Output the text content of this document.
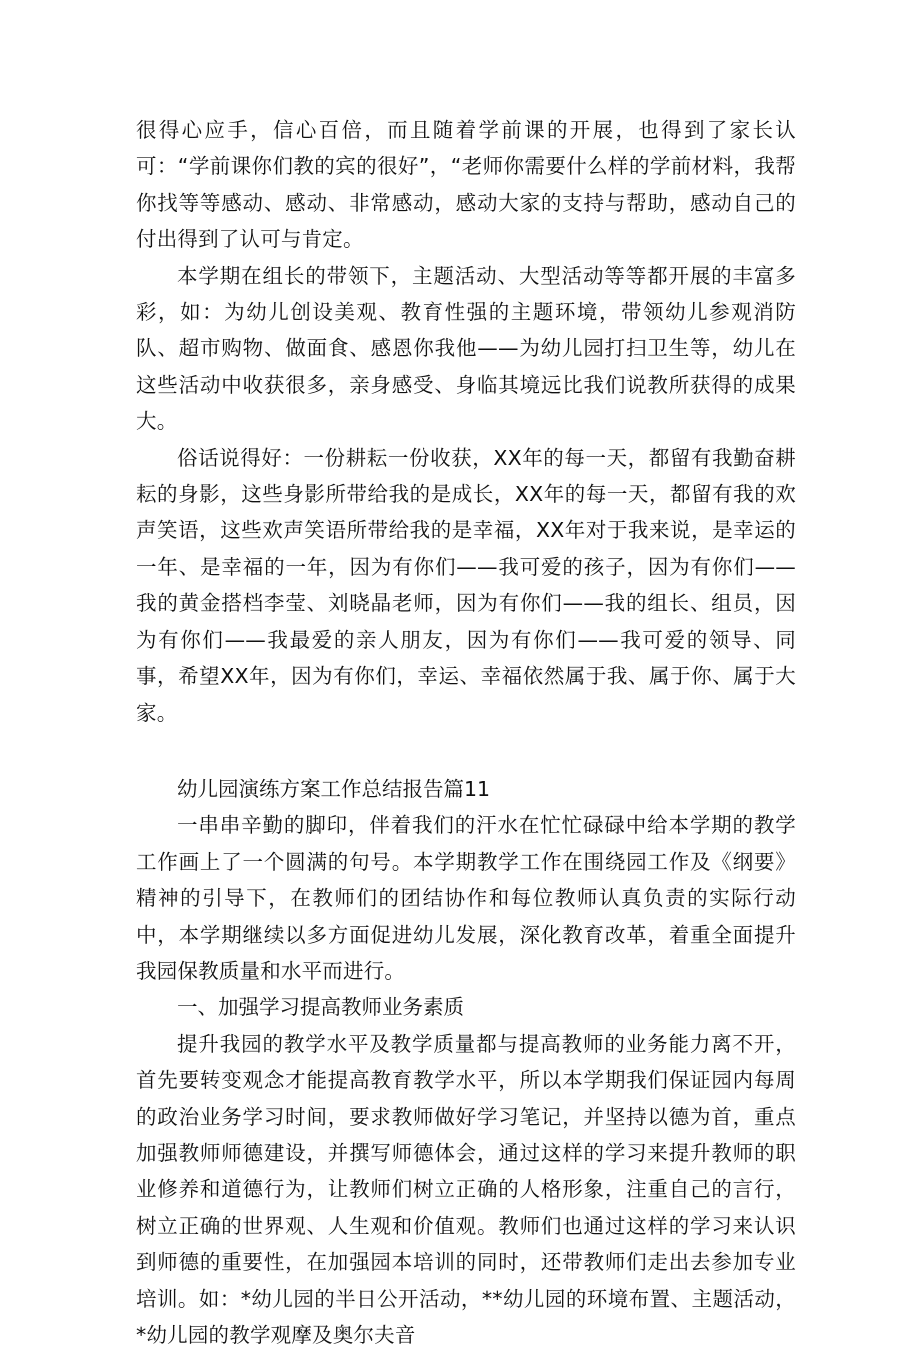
很得心应手，信心百倍，而且随着学前课的开展，也得到了家长认可：“学前课你们教的宾的很好”，“老师你需要什么样的学前材料，我帮你找等等感动、感动、非常感动，感动大家的支持与帮助，感动自己的付出得到了认可与肯定。

本学期在组长的带领下，主题活动、大型活动等等都开展的丰富多彩，如：为幼儿创设美观、教育性强的主题环境，带领幼儿参观消防队、超市购物、做面食、感恩你我他——为幼儿园打扫卫生等，幼儿在这些活动中收获很多，亲身感受、身临其境远比我们说教所获得的成果大。

俗话说得好：一份耕耘一份收获，XX年的每一天，都留有我勤奋耕耘的身影，这些身影所带给我的是成长，XX年的每一天，都留有我的欢声笑语，这些欢声笑语所带给我的是幸福，XX年对于我来说，是幸运的一年、是幸福的一年，因为有你们——我可爱的孩子，因为有你们——我的黄金搭档李莹、刘晓晶老师，因为有你们——我的组长、组员，因为有你们——我最爱的亲人朋友，因为有你们——我可爱的领导、同事，希望XX年，因为有你们，幸运、幸福依然属于我、属于你、属于大家。

幼儿园演练方案工作总结报告篇11

一串串辛勤的脚印，伴着我们的汗水在忙忙碌碌中给本学期的教学工作画上了一个圆满的句号。本学期教学工作在围绕园工作及《纲要》精神的引导下，在教师们的团结协作和每位教师认真负责的实际行动中，本学期继续以多方面促进幼儿发展，深化教育改革，着重全面提升我园保教质量和水平而进行。

一、加强学习提高教师业务素质

提升我园的教学水平及教学质量都与提高教师的业务能力离不开，首先要转变观念才能提高教育教学水平，所以本学期我们保证园内每周的政治业务学习时间，要求教师做好学习笔记，并坚持以德为首，重点加强教师师德建设，并撰写师德体会，通过这样的学习来提升教师的职业修养和道德行为，让教师们树立正确的人格形象，注重自己的言行，树立正确的世界观、人生观和价值观。教师们也通过这样的学习来认识到师德的重要性，在加强园本培训的同时，还带教师们走出去参加专业培训。如：*幼儿园的半日公开活动，**幼儿园的环境布置、主题活动，*幼儿园的教学观摩及奥尔夫音
